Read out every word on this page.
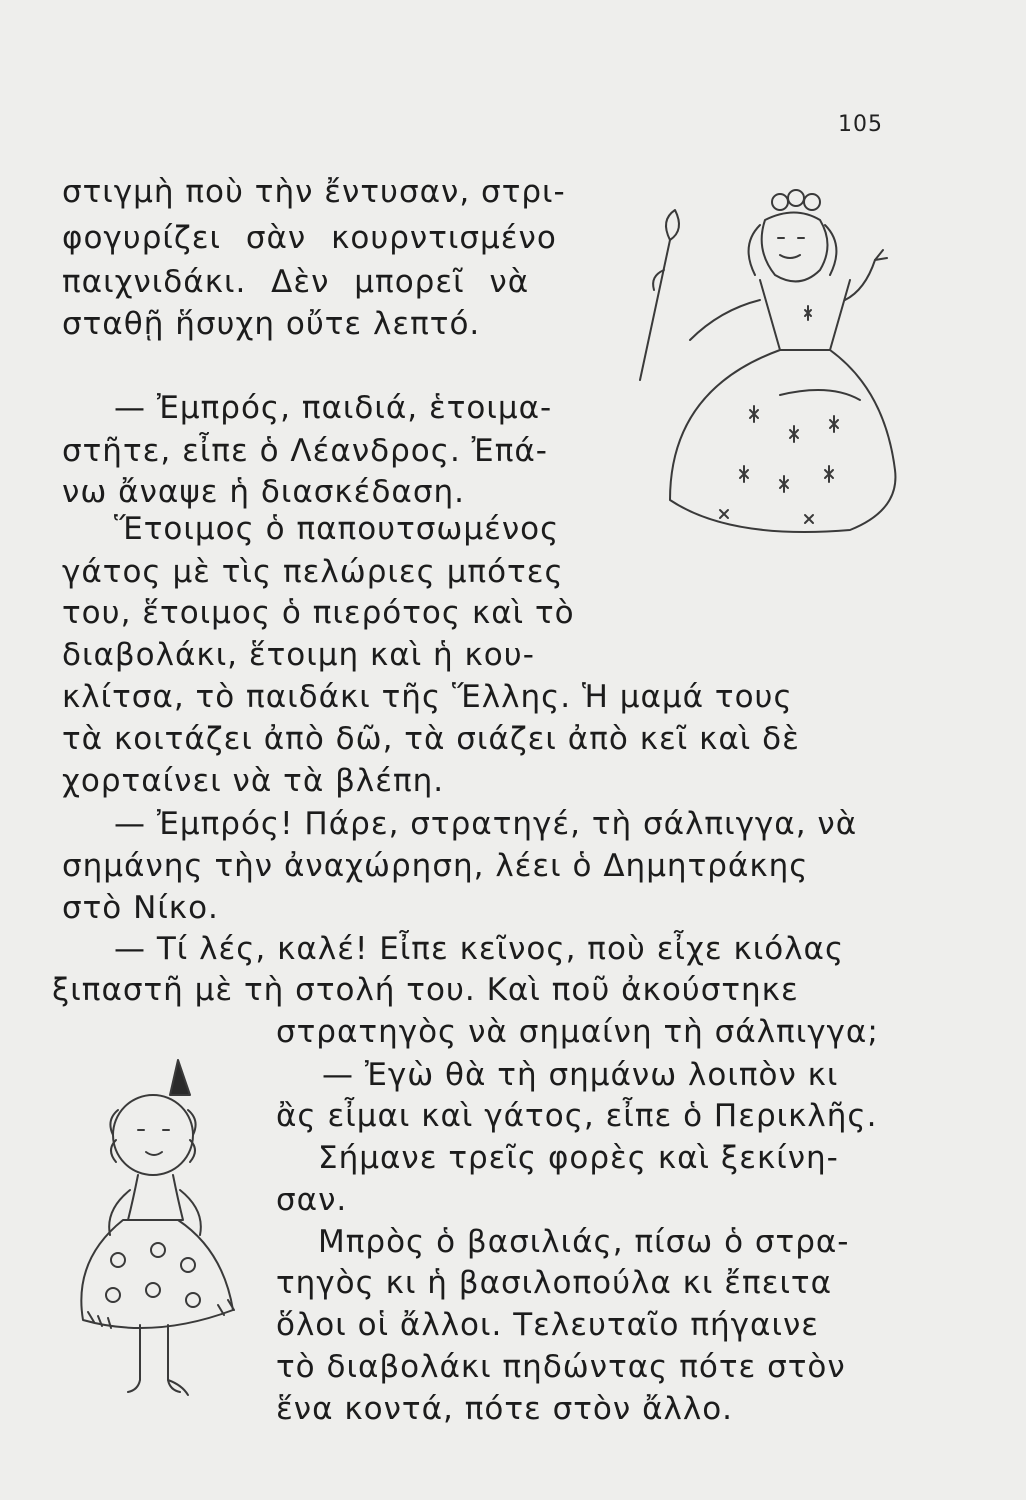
105
στιγμὴ ποὺ τὴν ἔντυσαν, στρι-
φογυρίζει σὰν κουρντισμένο
παιχνιδάκι. Δὲν μπορεῖ νὰ
σταθῇ ἥσυχη οὔτε λεπτό.
— Ἐμπρός, παιδιά, ἑτοιμα-
στῆτε, εἶπε ὁ Λέανδρος. Ἐπά-
νω ἄναψε ἡ διασκέδαση.
Ἕτοιμος ὁ παπουτσωμένος
γάτος μὲ τὶς πελώριες μπότες
του, ἕτοιμος ὁ πιερότος καὶ τὸ
διαβολάκι, ἕτοιμη καὶ ἡ κου-
κλίτσα, τὸ παιδάκι τῆς Ἕλλης. Ἡ μαμά τους
τὰ κοιτάζει ἀπὸ δῶ, τὰ σιάζει ἀπὸ κεῖ καὶ δὲ
χορταίνει νὰ τὰ βλέπη.
— Ἐμπρός! Πάρε, στρατηγέ, τὴ σάλπιγγα, νὰ
σημάνης τὴν ἀναχώρηση, λέει ὁ Δημητράκης
στὸ Νίκο.
— Τί λές, καλέ! Εἶπε κεῖνος, ποὺ εἶχε κιόλας
ξιπαστῆ μὲ τὴ στολή του. Καὶ ποῦ ἀκούστηκε
στρατηγὸς νὰ σημαίνη τὴ σάλπιγγα;
— Ἐγὼ θὰ τὴ σημάνω λοιπὸν κι
ἂς εἶμαι καὶ γάτος, εἶπε ὁ Περικλῆς.
Σήμανε τρεῖς φορὲς καὶ ξεκίνη-
σαν.
Μπρὸς ὁ βασιλιάς, πίσω ὁ στρα-
τηγὸς κι ἡ βασιλοπούλα κι ἔπειτα
ὅλοι οἱ ἄλλοι. Τελευταῖο πήγαινε
τὸ διαβολάκι πηδώντας πότε στὸν
ἕνα κοντά, πότε στὸν ἄλλο.
